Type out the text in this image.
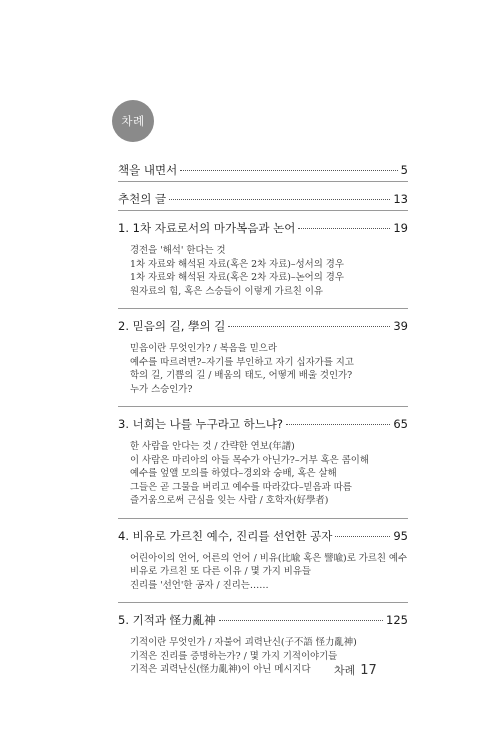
차례
책을 내면서	5
추천의 글	13
1. 1차 자료로서의 마가복음과 논어	19
경전을 '해석' 한다는 것
1차 자료와 해석된 자료(혹은 2차 자료)–성서의 경우
1차 자료와 해석된 자료(혹은 2차 자료)–논어의 경우
원자료의 힘, 혹은 스승들이 이렇게 가르친 이유
2. 믿음의 길, 學의 길	39
믿음이란 무엇인가? / 복음을 믿으라
예수를 따르려면?–자기를 부인하고 자기 십자가를 지고
학의 길, 기쁨의 길 / 배움의 태도, 어떻게 배울 것인가?
누가 스승인가?
3. 너희는 나를 누구라고 하느냐?	65
한 사람을 안다는 것 / 간략한 연보(年譜)
이 사람은 마리아의 아들 목수가 아닌가?–거부 혹은 콤이해
예수를 엎앨 모의를 하였다–경외와 숭배, 혹은 살해
그들은 곧 그물을 버리고 예수를 따라갔다–믿음과 따름
즐거움으로써 근심을 잊는 사람 / 호학자(好學者)
4. 비유로 가르친 예수, 진리를 선언한 공자	95
어린아이의 언어, 어른의 언어 / 비유(比喩 혹은 譬喩)로 가르친 예수
비유로 가르친 또 다른 이유 / 몇 가지 비유들
진리를 '선언'한 공자 / 진리는……
5. 기적과 怪力亂神	125
기적이란 무엇인가 / 자불어 괴력난신(子不語 怪力亂神)
기적은 진리를 증명하는가? / 몇 가지 기적이야기들
기적은 괴력난신(怪力亂神)이 아닌 메시지다	차례 17
